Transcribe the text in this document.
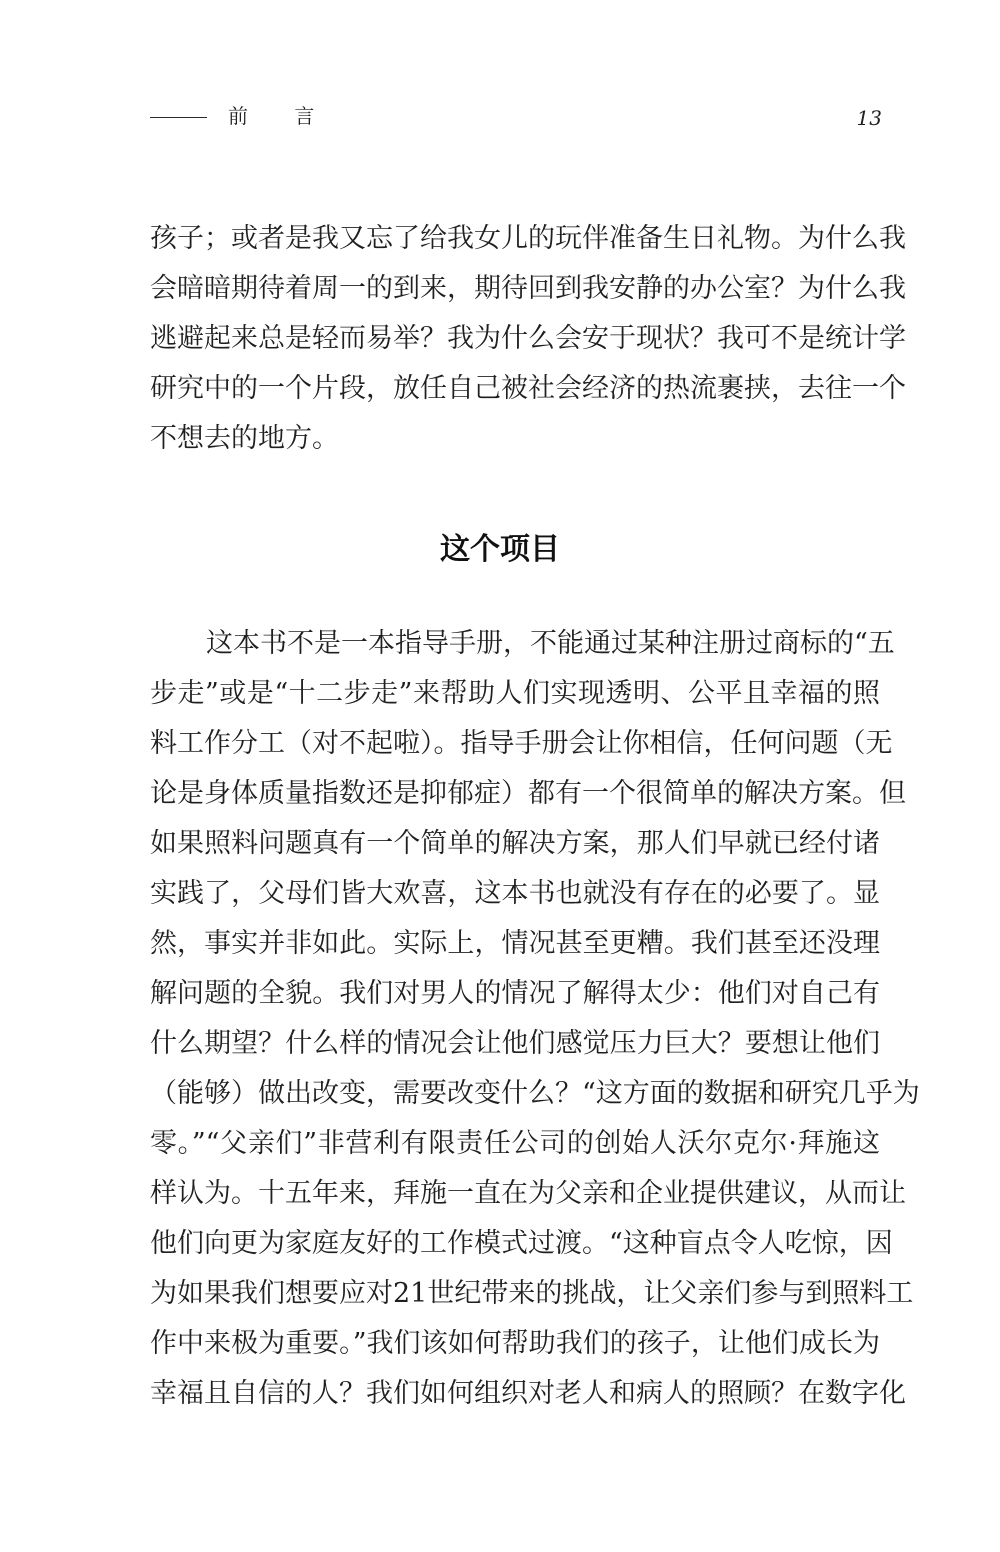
前 言	13
孩子；或者是我又忘了给我女儿的玩伴准备生日礼物。为什么我
会暗暗期待着周一的到来，期待回到我安静的办公室？为什么我
逃避起来总是轻而易举？我为什么会安于现状？我可不是统计学
研究中的一个片段，放任自己被社会经济的热流裹挟，去往一个
不想去的地方。
这个项目
这本书不是一本指导手册，不能通过某种注册过商标的“五
步走”或是“十二步走”来帮助人们实现透明、公平且幸福的照
料工作分工（对不起啦）。指导手册会让你相信，任何问题（无
论是身体质量指数还是抑郁症）都有一个很简单的解决方案。但
如果照料问题真有一个简单的解决方案，那人们早就已经付诸
实践了，父母们皆大欢喜，这本书也就没有存在的必要了。显
然，事实并非如此。实际上，情况甚至更糟。我们甚至还没理
解问题的全貌。我们对男人的情况了解得太少：他们对自己有
什么期望？什么样的情况会让他们感觉压力巨大？要想让他们
（能够）做出改变，需要改变什么？“这方面的数据和研究几乎为
零。”“父亲们”非营利有限责任公司的创始人沃尔克尔·拜施这
样认为。十五年来，拜施一直在为父亲和企业提供建议，从而让
他们向更为家庭友好的工作模式过渡。“这种盲点令人吃惊，因
为如果我们想要应对21世纪带来的挑战，让父亲们参与到照料工
作中来极为重要。”我们该如何帮助我们的孩子，让他们成长为
幸福且自信的人？我们如何组织对老人和病人的照顾？在数字化
